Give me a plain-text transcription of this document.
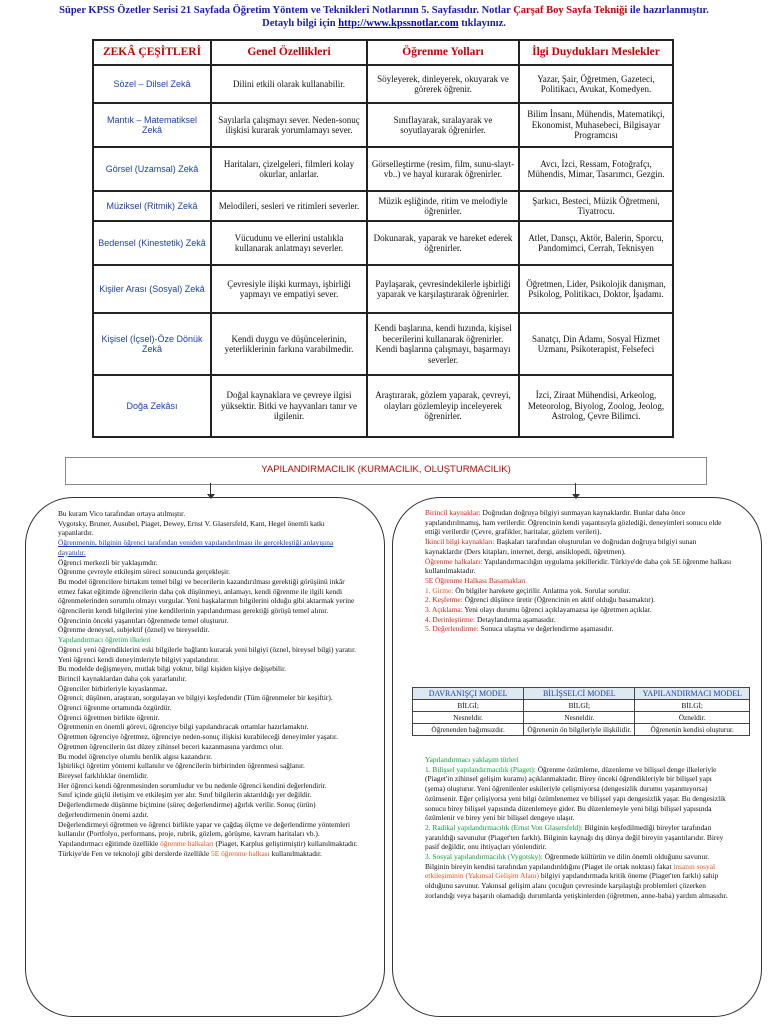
Süper KPSS Özetler Serisi 21 Sayfada Öğretim Yöntem ve Teknikleri Notlarının 5. Sayfasıdır. Notlar Çarşaf Boy Sayfa Tekniği ile hazırlanmıştır.
Detaylı bilgi için http://www.kpssnotlar.com tıklayınız.
ZEKÂ ÇEŞİTLERİ	Genel Özellikleri	Öğrenme Yolları	İlgi Duydukları Meslekler
Sözel – Dilsel Zekâ	Dilini etkili olarak kullanabilir.	Söyleyerek, dinleyerek, okuyarak ve görerek öğrenir.	Yazar, Şair, Öğretmen, Gazeteci, Politikacı, Avukat, Komedyen.
Mantık – Matematiksel Zekâ	Sayılarla çalışmayı sever. Neden-sonuç ilişkisi kurarak yorumlamayı sever.	Sınıflayarak, sıralayarak ve soyutlayarak öğrenirler.	Bilim İnsanı, Mühendis, Matematikçi, Ekonomist, Muhasebeci, Bilgisayar Programcısı
Görsel (Uzamsal) Zekâ	Haritaları, çizelgeleri, filmleri kolay okurlar, anlarlar.	Görselleştirme (resim, film, sunu-slayt- vb..) ve hayal kurarak öğrenirler.	Avcı, İzci, Ressam, Fotoğrafçı, Mühendis, Mimar, Tasarımcı, Gezgin.
Müziksel (Ritmik) Zekâ	Melodileri, sesleri ve ritimleri severler.	Müzik eşliğinde, ritim ve melodiyle öğrenirler.	Şarkıcı, Besteci, Müzik Öğretmeni, Tiyatrocu.
Bedensel (Kinestetik) Zekâ	Vücudunu ve ellerini ustalıkla kullanarak anlatmayı severler.	Dokunarak, yaparak ve hareket ederek öğrenirler.	Atlet, Dansçı, Aktör, Balerin, Sporcu, Pandomimci, Cerrah, Teknisyen
Kişiler Arası (Sosyal) Zekâ	Çevresiyle ilişki kurmayı, işbirliği yapmayı ve empatiyi sever.	Paylaşarak, çevresindekilerle işbirliği yaparak ve karşılaştırarak öğrenirler.	Öğretmen, Lider, Psikolojik danışman, Psikolog, Politikacı, Doktor, İşadamı.
Kişisel (İçsel)-Öze Dönük Zekâ	Kendi duygu ve düşüncelerinin, yeterliklerinin farkına varabilmedir.	Kendi başlarına, kendi hızında, kişisel becerilerini kullanarak öğrenirler. Kendi başlarına çalışmayı, başarmayı severler.	Sanatçı, Din Adamı, Sosyal Hizmet Uzmanı, Psikoterapist, Felsefeci
Doğa Zekâsı	Doğal kaynaklara ve çevreye ilgisi yüksektir. Bitki ve hayvanları tanır ve ilgilenir.	Araştırarak, gözlem yaparak, çevreyi, olayları gözlemleyip inceleyerek öğrenirler.	İzci, Ziraat Mühendisi, Arkeolog, Meteorolog, Biyolog, Zoolog, Jeolog, Astrolog, Çevre Bilimci.
YAPILANDIRMACILIK (KURMACILIK, OLUŞTURMACILIK)

Bu kuram Vico tarafından ortaya atılmıştır.

Vygotsky, Bruner, Ausubel, Piaget, Dewey, Ernst V. Glasersfeld, Kant, Hegel önemli katkı yapanlardır.

Öğrenmenin, bilginin öğrenci tarafından yeniden yapılandırılması ile gerçekleştiği anlayışına dayanılır.

Öğrenci merkezli bir yaklaşımdır.

Öğrenme çevreyle etkileşim süreci sonucunda gerçekleşir.

Bu model öğrencilere birtakım temel bilgi ve becerilerin kazandırılması gerektiği görüşünü inkâr etmez fakat eğitimde öğrencilerin daha çok düşünmeyi, anlamayı, kendi öğrenme ile ilgili kendi öğrenmelerinden sorumlu olmayı vurgular. Yeni başkalarının bilgilerini olduğu gibi aktarmak yerine öğrencilerin kendi bilgilerini yine kendilerinin yapılandırması gerektiği görüşü temel alınır.

Öğrencinin önceki yaşantıları öğrenmede temel oluşturur.

Öğrenme deneysel, subjektif (öznel) ve bireyseldir.

Yapılandırmacı öğretim ilkeleri

Öğrenci yeni öğrendiklerini eski bilgilerle bağlantı kurarak yeni bilgiyi (öznel, bireysel bilgi) yaratır. Yeni öğrenci kendi deneyimleriyle bilgiyi yapılandırır.

Bu modelde değişmeyen, mutlak bilgi yoktur, bilgi kişiden kişiye değişebilir.

Birincil kaynaklardan daha çok yararlanılır.

Öğrenciler birbirleriyle kıyaslanmaz.

Öğrenci; düşünen, araştıran, sorgulayan ve bilgiyi keşfedendir (Tüm öğrenmeler bir keşiftir).

Öğrenci öğrenme ortamında özgürdür.

Öğrenci öğretmen birlikte öğrenir.

Öğretmenin en önemli görevi, öğrenciye bilgi yapılandıracak ortamlar hazırlamaktır.

Öğretmen öğrenciye öğretmez, öğrenciye neden-sonuç ilişkisi kurabileceği deneyimler yaşatır.

Öğretmen öğrencilerin üst düzey zihinsel beceri kazanmasına yardımcı olur.

Bu model öğrenciye olumlu benlik algısı kazandırır.

İşbirlikçi öğretim yöntemi kullanılır ve öğrencilerin birbirinden öğrenmesi sağlanır.

Bireysel farklılıklar önemlidir.

Her öğrenci kendi öğrenmesinden sorumludur ve bu nedenle öğrenci kendini değerlendirir.

Sınıf içinde güçlü iletişim ve etkileşim yer alır. Sınıf bilgilerin aktarıldığı yer değildir.

Değerlendirmede düşünme biçimine (süreç değerlendirme) ağırlık verilir. Sonuç (ürün) değerlendirmenin önemi azdır.

Değerlendirmeyi öğretmen ve öğrenci birlikte yapar ve çağdaş ölçme ve değerlendirme yöntemleri kullanılır (Portfolyo, performans, proje, rubrik, gözlem, görüşme, kavram haritaları vb.).

Yapılandırmacı eğitimde özellikle öğrenme halkaları (Piaget, Karplus geliştirmiştir) kullanılmaktadır. Türkiye'de Fen ve teknoloji gibi derslerde özellikle 5E öğrenme halkası kullanılmaktadır.

Birincil kaynaklar: Doğrudan doğruya bilgiyi sunmayan kaynaklardır. Bunlar daha önce yapılandırılmamış, ham verilerdir. Öğrencinin kendi yaşantısıyla gözlediği, deneyimleri sonucu elde ettiği verilerdir (Çevre, grafikler, haritalar, gözlem verileri).

İkincil bilgi kaynakları: Başkaları tarafından oluşturulan ve doğrudan doğruya bilgiyi sunan kaynaklardır (Ders kitapları, internet, dergi, ansiklopedi, öğretmen).

Öğrenme halkaları: Yapılandırmacılığın uygulama şekilleridir. Türkiye'de daha çok 5E öğrenme halkası kullanılmaktadır.

5E Öğrenme Halkası Basamakları

1. Girme: Ön bilgiler harekete geçirilir. Anlatma yok. Sorular sorulur.

2. Keşfetme: Öğrenci düşünce üretir (Öğrencinin en aktif olduğu basamaktır).

3. Açıklama: Yeni olayı durumu öğrenci açıklayamazsa işe öğretmen açıklar.

4. Derinleştirme: Detaylandırma aşamasıdır.

5. Değerlendirme: Sonuca ulaşma ve değerlendirme aşamasıdır.

DAVRANIŞÇI MODEL	BİLİŞSELCİ MODEL	YAPILANDIRMACI MODEL
BİLGİ;	BİLGİ;	BİLGİ;
Nesneldir.	Nesneldir.	Özneldir.
Öğrenenden bağımsızdır.	Öğrenenin ön bilgileriyle ilişkilidir.	Öğrenenin kendisi oluşturur.

Yapılandırmacı yaklaşım türleri

1. Bilişsel yapılandırmacılık (Piaget): Öğrenme özümleme, düzenleme ve bilişsel denge ilkeleriyle (Piaget'in zihinsel gelişim kuramı) açıklanmaktadır. Birey önceki öğrendikleriyle bir bilişsel yapı (şema) oluşturur. Yeni öğrenilenler eskileriyle çelişmiyorsa (dengesizlik durumu yaşanmıyorsa) özümsenir. Eğer çelişiyorsa yeni bilgi özümlenemez ve bilişsel yapı dengesizlik yaşar. Bu dengesizlik sonucu birey bilişsel yapısında düzenlemeye gider. Bu düzenlemeyle yeni bilgi bilişsel yapısında özümlenir ve birey yeni bir bilişsel dengeye ulaşır.

2. Radikal yapılandırmacılık (Ernst Von Glasersfeld): Bilginin keşfedilmediği bireyler tarafından yaratıldığı savunulur (Piaget'ten farklı). Bilginin kaynağı dış dünya değil bireyin yaşantılarıdır. Birey pasif değildir, onu ihtiyaçları yönlendirir.

3. Sosyal yapılandırmacılık (Vygotsky): Öğrenmede kültürün ve dilin önemli olduğunu savunur. Bilginin bireyin kendisi tarafından yapılandırıldığını (Piaget ile ortak noktası) fakat insanın sosyal etkileşiminin (Yakınsal Gelişim Alanı) bilgiyi yapılandırmada kritik öneme (Piaget'ten farklı) sahip olduğunu savunur. Yakınsal gelişim alanı çocuğun çevresinde karşılaştığı problemleri çözerken zorlandığı veya başarılı olamadığı durumlarda yetişkinlerden (öğretmen, anne-baba) yardım almasıdır.
